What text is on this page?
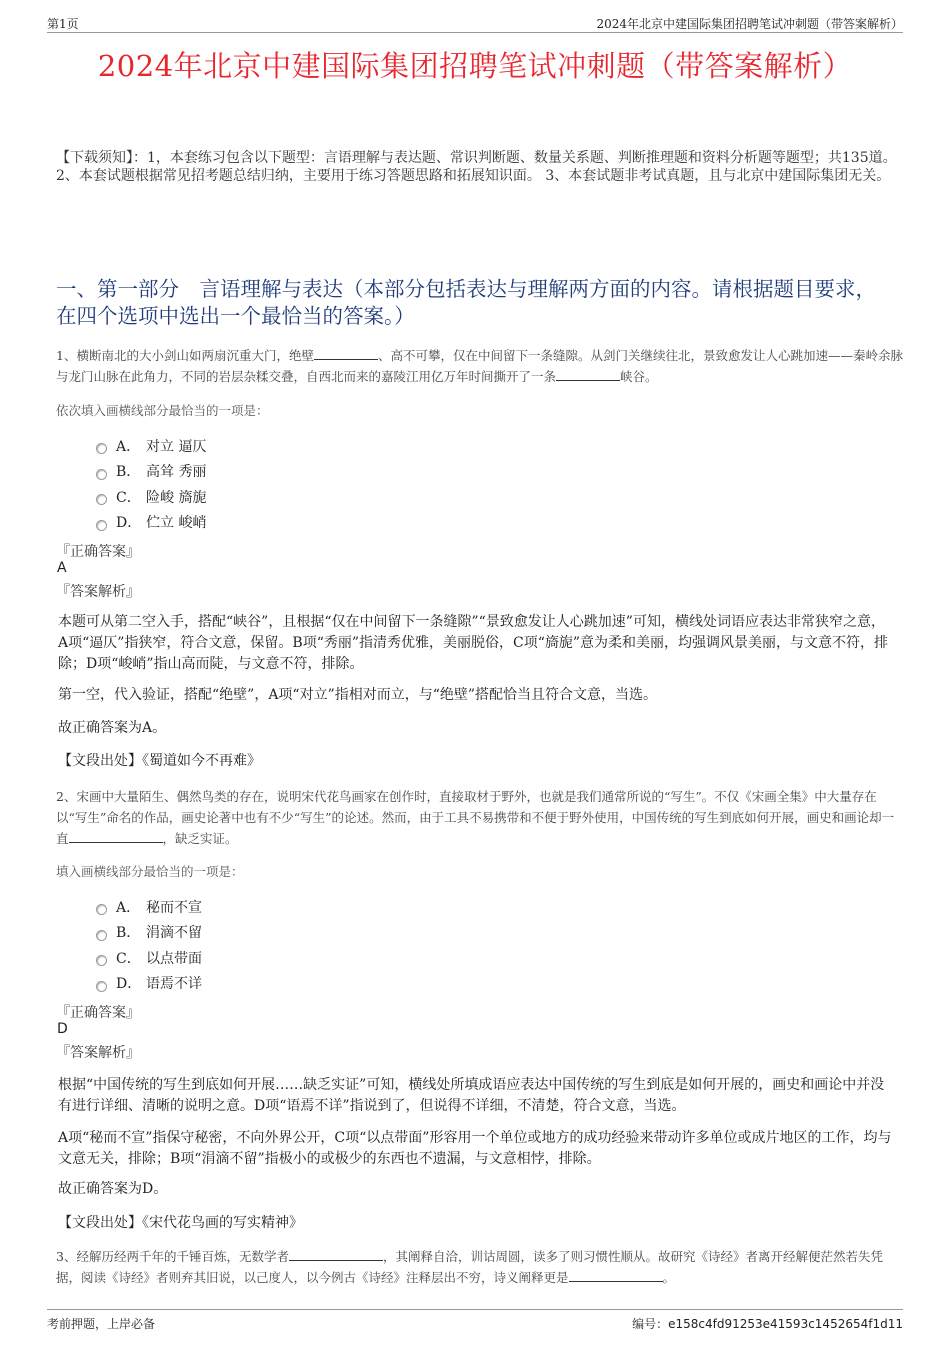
第1页	2024年北京中建国际集团招聘笔试冲刺题（带答案解析）
2024年北京中建国际集团招聘笔试冲刺题（带答案解析）
【下载须知】：1，本套练习包含以下题型：言语理解与表达题、常识判断题、数量关系题、判断推理题和资料分析题等题型；共135道。 2、本套试题根据常见招考题总结归纳，主要用于练习答题思路和拓展知识面。 3、本套试题非考试真题，且与北京中建国际集团无关。
一、第一部分　言语理解与表达（本部分包括表达与理解两方面的内容。请根据题目要求，在四个选项中选出一个最恰当的答案。）
1、横断南北的大小剑山如两扇沉重大门，绝壁	、高不可攀，仅在中间留下一条缝隙。从剑门关继续往北，景致愈发让人心跳加速——秦岭余脉与龙门山脉在此角力，不同的岩层杂糅交叠，自西北而来的嘉陵江用亿万年时间撕开了一条	峡谷。
依次填入画横线部分最恰当的一项是：
A． 对立 逼仄
B． 高耸 秀丽
C． 险峻 旖旎
D． 伫立 峻峭
『正确答案』
A
『答案解析』
本题可从第二空入手，搭配“峡谷”，且根据“仅在中间留下一条缝隙”“景致愈发让人心跳加速”可知，横线处词语应表达非常狭窄之意，A项“逼仄”指狭窄，符合文意，保留。B项“秀丽”指清秀优雅，美丽脱俗，C项“旖旎”意为柔和美丽，均强调风景美丽，与文意不符，排除；D项“峻峭”指山高而陡，与文意不符，排除。
第一空，代入验证，搭配“绝壁”，A项“对立”指相对而立，与“绝壁”搭配恰当且符合文意，当选。
故正确答案为A。
【文段出处】《蜀道如今不再难》
2、宋画中大量陌生、偶然鸟类的存在，说明宋代花鸟画家在创作时，直接取材于野外，也就是我们通常所说的“写生”。不仅《宋画全集》中大量存在以“写生”命名的作品，画史论著中也有不少“写生”的论述。然而，由于工具不易携带和不便于野外使用，中国传统的写生到底如何开展，画史和画论却一直	，缺乏实证。
填入画横线部分最恰当的一项是：
A． 秘而不宣
B． 涓滴不留
C． 以点带面
D． 语焉不详
『正确答案』
D
『答案解析』
根据“中国传统的写生到底如何开展……缺乏实证”可知，横线处所填成语应表达中国传统的写生到底是如何开展的，画史和画论中并没有进行详细、清晰的说明之意。D项“语焉不详”指说到了，但说得不详细，不清楚，符合文意，当选。
A项“秘而不宣”指保守秘密，不向外界公开，C项“以点带面”形容用一个单位或地方的成功经验来带动许多单位或成片地区的工作，均与文意无关，排除；B项“涓滴不留”指极小的或极少的东西也不遗漏，与文意相悖，排除。
故正确答案为D。
【文段出处】《宋代花鸟画的写实精神》
3、经解历经两千年的千锤百炼，无数学者	，其阐释自洽，训诂周圆，读多了则习惯性顺从。故研究《诗经》者离开经解便茫然若失凭据，阅读《诗经》者则弃其旧说，以己度人，以今例古《诗经》注释层出不穷，诗义阐释更是	。
考前押题，上岸必备	编号：e158c4fd91253e41593c1452654f1d11
